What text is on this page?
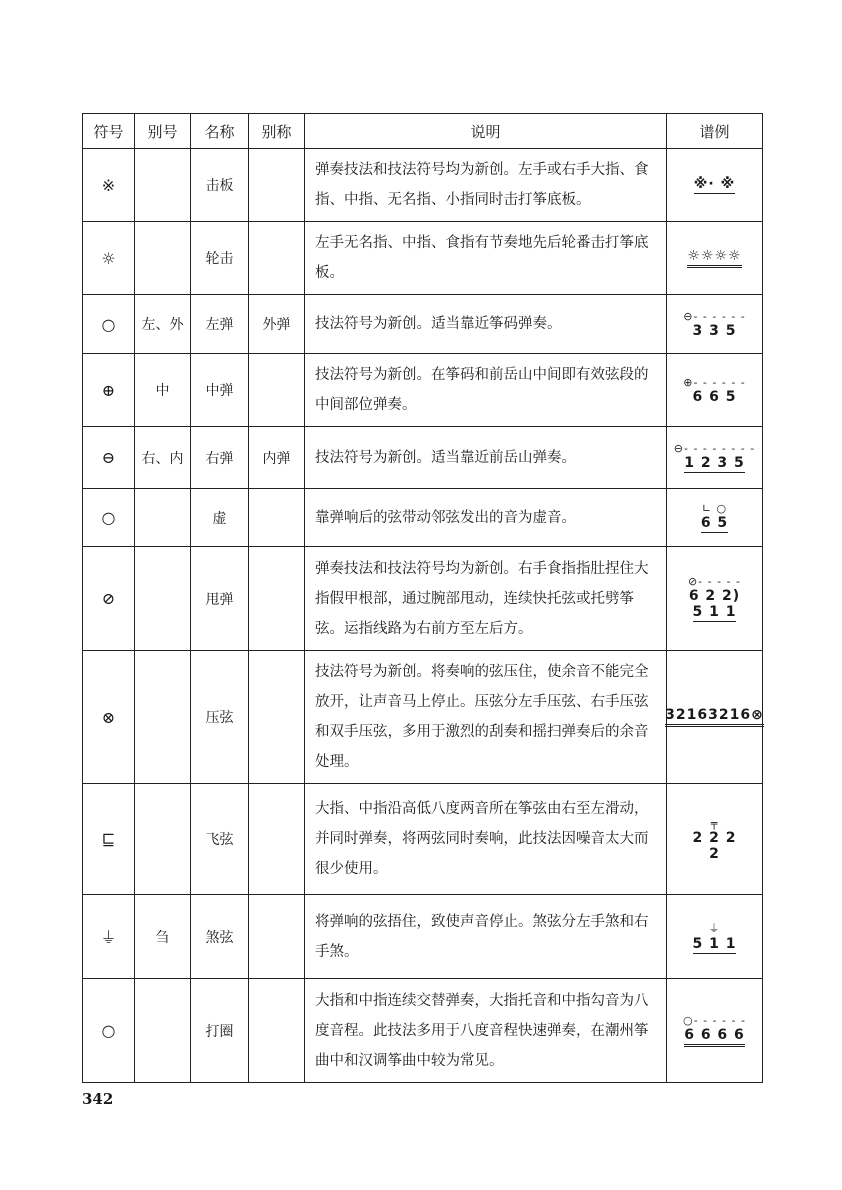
符号	别号	名称	别称	说明	谱例
※		击板		弹奏技法和技法符号均为新创。左手或右手大指、食指、中指、无名指、小指同时击打筝底板。	※· ※

☼		轮击		左手无名指、中指、食指有节奏地先后轮番击打筝底板。	☼☼☼☼

○	左、外	左弹	外弹	技法符号为新创。适当靠近筝码弹奏。	⊖- - - - - -
3 3 5

⊕	中	中弹		技法符号为新创。在筝码和前岳山中间即有效弦段的中间部位弹奏。	⊕- - - - - -
6 6 5

⊖	右、内	右弹	内弹	技法符号为新创。适当靠近前岳山弹奏。	⊖- - - - - - - -
1 2 3 5

○		虚		靠弹响后的弦带动邻弦发出的音为虚音。	∟ ○
6 5

⊘		甩弹		弹奏技法和技法符号均为新创。右手食指指肚捏住大指假甲根部，通过腕部甩动，连续快托弦或托劈筝弦。运指线路为右前方至左后方。	⊘- - - - -
6 2 2)
5 1 1

⊗		压弦		技法符号为新创。将奏响的弦压住，使余音不能完全放开，让声音马上停止。压弦分左手压弦、右手压弦和双手压弦，多用于激烈的刮奏和摇扫弹奏后的余音处理。	32163216⊗

⊑		飞弦		大指、中指沿高低八度两音所在筝弦由右至左滑动，并同时弹奏，将两弦同时奏响，此技法因噪音太大而很少使用。	╤
2 2 2
2

⏚	刍	煞弦		将弹响的弦捂住，致使声音停止。煞弦分左手煞和右手煞。	⏚
5 1 1

○		打圈		大指和中指连续交替弹奏，大指托音和中指勾音为八度音程。此技法多用于八度音程快速弹奏，在潮州筝曲中和汉调筝曲中较为常见。	○- - - - - -
6 6 6 6
342
